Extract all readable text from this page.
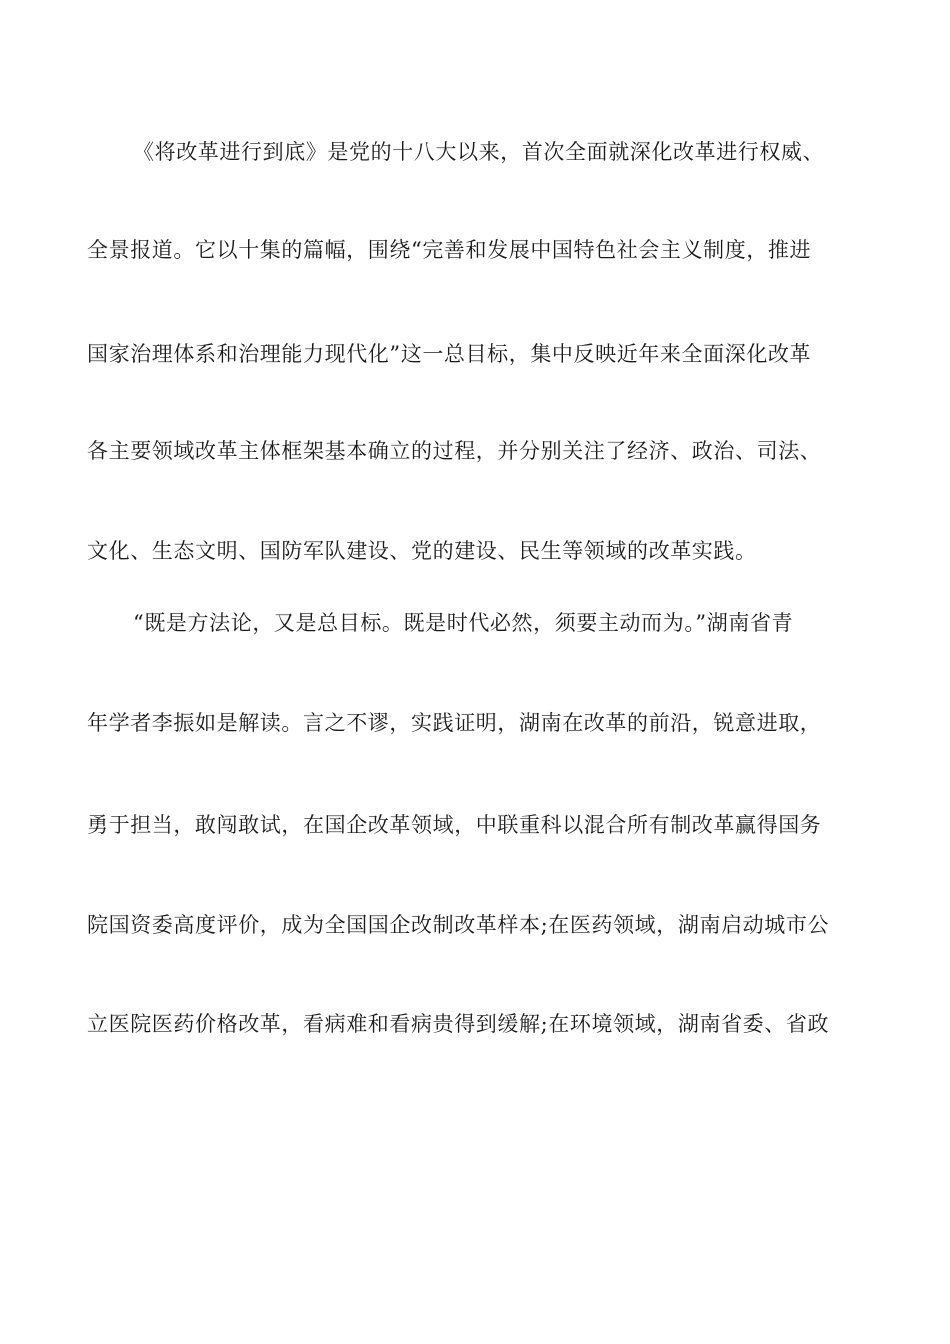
《将改革进行到底》是党的十八大以来，首次全面就深化改革进行权威、
全景报道。它以十集的篇幅，围绕“完善和发展中国特色社会主义制度，推进
国家治理体系和治理能力现代化”这一总目标，集中反映近年来全面深化改革
各主要领域改革主体框架基本确立的过程，并分别关注了经济、政治、司法、
文化、生态文明、国防军队建设、党的建设、民生等领域的改革实践。
“既是方法论，又是总目标。既是时代必然，须要主动而为。”湖南省青
年学者李振如是解读。言之不谬，实践证明，湖南在改革的前沿，锐意进取，
勇于担当，敢闯敢试，在国企改革领域，中联重科以混合所有制改革赢得国务
院国资委高度评价，成为全国国企改制改革样本;在医药领域，湖南启动城市公
立医院医药价格改革，看病难和看病贵得到缓解;在环境领域，湖南省委、省政
